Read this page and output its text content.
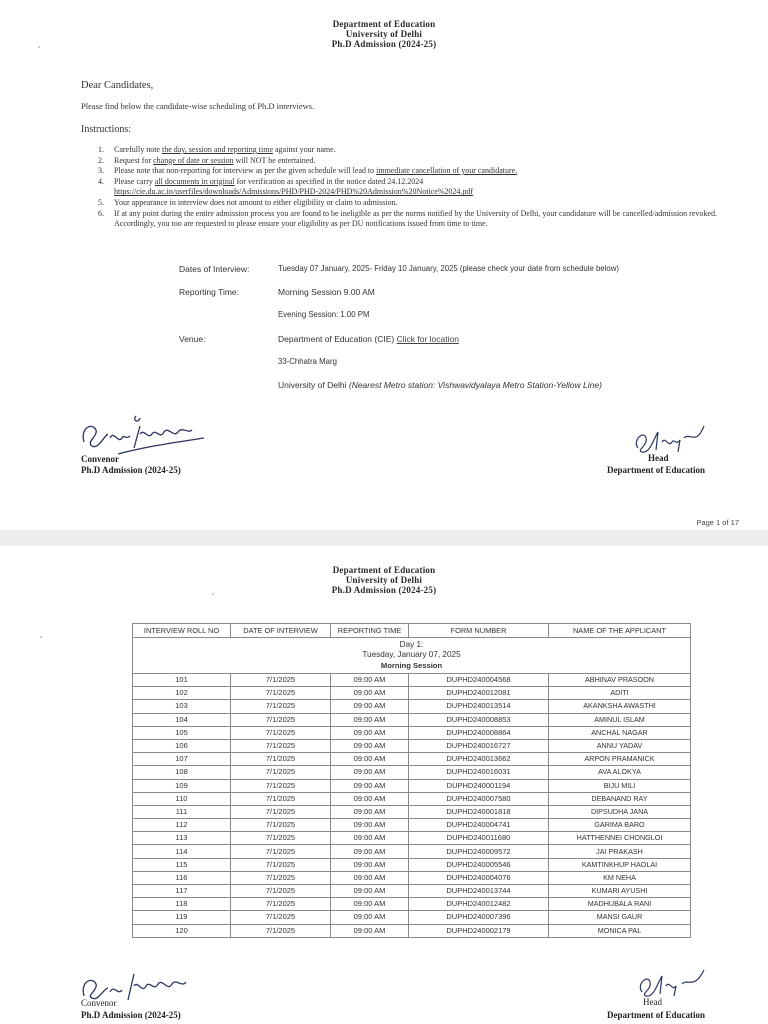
Department of Education
University of Delhi
Ph.D Admission (2024-25)
Dear Candidates,
Please find below the candidate-wise scheduling of Ph.D interviews.
Instructions:
1. Carefully note the day, session and reporting time against your name.
2. Request for change of date or session will NOT be entertained.
3. Please note that non-reporting for interview as per the given schedule will lead to immediate cancellation of your candidature.
4. Please carry all documents in original for verification as specified in the notice dated 24.12.2024
https://cie.du.ac.in/userfiles/downloads/Admissions/PHD/PHD-2024/PHD%20Admission%20Notice%2024.pdf
5. Your appearance in interview does not amount to either eligibility or claim to admission.
6. If at any point during the entire admission process you are found to be ineligible as per the norms notified by the University of Delhi, your candidature will be cancelled/admission revoked. Accordingly, you too are requested to please ensure your eligibility as per DU notifications issued from time to time.
Dates of Interview:	Tuesday 07 January, 2025- Friday 10 January, 2025 (please check your date from schedule below)
Reporting Time:	Morning Session 9.00 AM
Evening Session: 1.00 PM
Venue:	Department of Education (CIE) Click for location
33-Chhatra Marg
University of Delhi (Nearest Metro station: Vishwavidyalaya Metro Station-Yellow Line)
Convenor
Ph.D Admission (2024-25)
Head
Department of Education
Page 1 of 17
Department of Education
University of Delhi
Ph.D Admission (2024-25)
INTERVIEW ROLL NO	DATE OF INTERVIEW	REPORTING TIME	FORM NUMBER	NAME OF THE APPLICANT

Day 1:
Tuesday, January 07, 2025
Morning Session				

101	7/1/2025	09:00 AM	DUPHD240004568	ABHINAV PRASOON
102	7/1/2025	09:00 AM	DUPHD240012081	ADITI
103	7/1/2025	09:00 AM	DUPHD240013514	AKANKSHA AWASTHI
104	7/1/2025	09:00 AM	DUPHD240008853	AMINUL ISLAM
105	7/1/2025	09:00 AM	DUPHD240008864	ANCHAL NAGAR
106	7/1/2025	09:00 AM	DUPHD240016727	ANNU YADAV
107	7/1/2025	09:00 AM	DUPHD240013662	ARPON PRAMANICK
108	7/1/2025	09:00 AM	DUPHD240016031	AVA ALOKYA
109	7/1/2025	09:00 AM	DUPHD240001194	BIJU MILI
110	7/1/2025	09:00 AM	DUPHD240007580	DEBANAND RAY
111	7/1/2025	09:00 AM	DUPHD240001818	DIPSUDHA JANA
112	7/1/2025	09:00 AM	DUPHD240004741	GARIMA BARO
113	7/1/2025	09:00 AM	DUPHD240011680	HATTHENNEI CHONGLOI
114	7/1/2025	09:00 AM	DUPHD240009572	JAI PRAKASH
115	7/1/2025	09:00 AM	DUPHD240005546	KAMTINKHUP HAOLAI
116	7/1/2025	09:00 AM	DUPHD240004076	KM NEHA
117	7/1/2025	09:00 AM	DUPHD240013744	KUMARI AYUSHI
118	7/1/2025	09:00 AM	DUPHD240012482	MADHUBALA RANI
119	7/1/2025	09:00 AM	DUPHD240007396	MANSI GAUR
120	7/1/2025	09:00 AM	DUPHD240002179	MONICA PAL
Convenor
Ph.D Admission (2024-25)
Head
Department of Education
